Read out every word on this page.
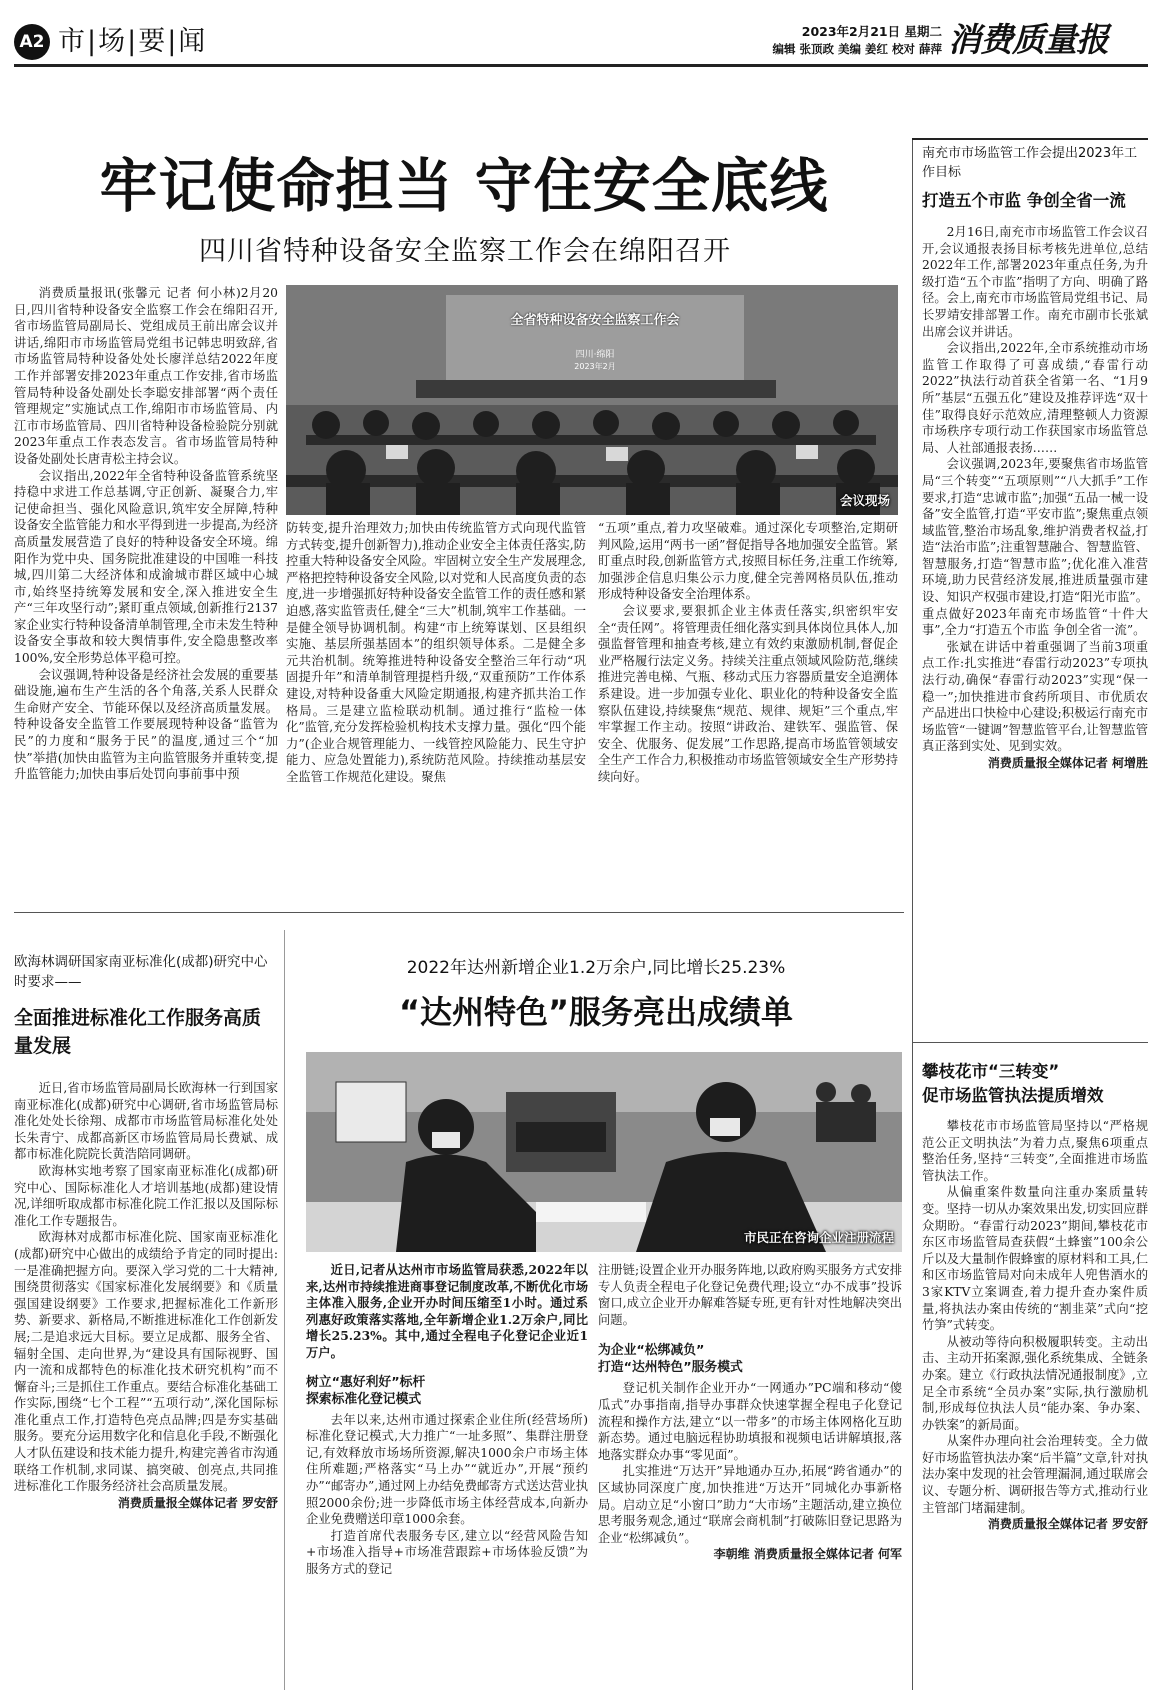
A2 市|场|要|闻	2023年2月21日 星期二
编辑 张顶政 美编 姜红 校对 薛萍 消费质量报
牢记使命担当 守住安全底线
四川省特种设备安全监察工作会在绵阳召开

消费质量报讯(张馨元 记者 何小林)2月20日,四川省特种设备安全监察工作会在绵阳召开,省市场监管局副局长、党组成员王前出席会议并讲话,绵阳市市场监管局党组书记韩忠明致辞,省市场监管局特种设备处处长廖洋总结2022年度工作并部署安排2023年重点工作安排,省市场监管局特种设备处副处长李聪安排部署“两个责任管理规定”实施试点工作,绵阳市市场监管局、内江市市场监管局、四川省特种设备检验院分别就2023年重点工作表态发言。省市场监管局特种设备处副处长唐青松主持会议。

会议指出,2022年全省特种设备监管系统坚持稳中求进工作总基调,守正创新、凝聚合力,牢记使命担当、强化风险意识,筑牢安全屏障,特种设备安全监管能力和水平得到进一步提高,为经济高质量发展营造了良好的特种设备安全环境。绵阳作为党中央、国务院批准建设的中国唯一科技城,四川第二大经济体和成渝城市群区域中心城市,始终坚持统筹发展和安全,深入推进安全生产“三年攻坚行动”;紧盯重点领域,创新推行2137家企业实行特种设备清单制管理,全市未发生特种设备安全事故和较大舆情事件,安全隐患整改率100%,安全形势总体平稳可控。

会议强调,特种设备是经济社会发展的重要基础设施,遍布生产生活的各个角落,关系人民群众生命财产安全、节能环保以及经济高质量发展。特种设备安全监管工作要展现特种设备“监管为民”的力度和“服务于民”的温度,通过三个“加快”举措(加快由监管为主向监管服务并重转变,提升监管能力;加快由事后处罚向事前事中预

全省特种设备安全监察工作会
四川·绵阳
2023年2月
会议现场

防转变,提升治理效力;加快由传统监管方式向现代监管方式转变,提升创新智力),推动企业安全主体责任落实,防控重大特种设备安全风险。牢固树立安全生产发展理念,严格把控特种设备安全风险,以对党和人民高度负责的态度,进一步增强抓好特种设备安全监管工作的责任感和紧迫感,落实监管责任,健全“三大”机制,筑牢工作基础。一是健全领导协调机制。构建“市上统筹谋划、区县组织实施、基层所强基固本”的组织领导体系。二是健全多元共治机制。统筹推进特种设备安全整治三年行动“巩固提升年”和清单制管理提档升级,“双重预防”工作体系建设,对特种设备重大风险定期通报,构建齐抓共治工作格局。三是建立监检联动机制。通过推行“监检一体化”监管,充分发挥检验机构技术支撑力量。强化“四个能力”(企业合规管理能力、一线管控风险能力、民生守护能力、应急处置能力),系统防范风险。持续推动基层安全监管工作规范化建设。聚焦

“五项”重点,着力攻坚破难。通过深化专项整治,定期研判风险,运用“两书一函”督促指导各地加强安全监管。紧盯重点时段,创新监管方式,按照目标任务,注重工作统筹,加强涉企信息归集公示力度,健全完善网格员队伍,推动形成特种设备安全治理体系。

会议要求,要狠抓企业主体责任落实,织密织牢安全“责任网”。将管理责任细化落实到具体岗位具体人,加强监督管理和抽查考核,建立有效约束激励机制,督促企业严格履行法定义务。持续关注重点领域风险防范,继续推进完善电梯、气瓶、移动式压力容器质量安全追溯体系建设。进一步加强专业化、职业化的特种设备安全监察队伍建设,持续聚焦“规范、规律、规矩”三个重点,牢牢掌握工作主动。按照“讲政治、建铁军、强监管、保安全、优服务、促发展”工作思路,提高市场监管领域安全生产工作合力,积极推动市场监管领域安全生产形势持续向好。

南充市市场监管工作会提出2023年工作目标
打造五个市监 争创全省一流

2月16日,南充市市场监管工作会议召开,会议通报表扬目标考核先进单位,总结2022年工作,部署2023年重点任务,为升级打造“五个市监”指明了方向、明确了路径。会上,南充市市场监管局党组书记、局长罗靖安排部署工作。南充市副市长张斌出席会议并讲话。

会议指出,2022年,全市系统推动市场监管工作取得了可喜成绩,“春雷行动2022”执法行动首获全省第一名、“1月9所”基层“五强五化”建设及推荐评选“双十佳”取得良好示范效应,清理整顿人力资源市场秩序专项行动工作获国家市场监管总局、人社部通报表扬……

会议强调,2023年,要聚焦省市场监管局“三个转变”“五项原则”“八大抓手”工作要求,打造“忠诚市监”;加强“五品一械一设备”安全监管,打造“平安市监”;聚焦重点领域监管,整治市场乱象,维护消费者权益,打造“法治市监”;注重智慧融合、智慧监管、智慧服务,打造“智慧市监”;优化准入准营环境,助力民营经济发展,推进质量强市建设、知识产权强市建设,打造“阳光市监”。重点做好2023年南充市场监管“十件大事”,全力“打造五个市监 争创全省一流”。

张斌在讲话中着重强调了当前3项重点工作:扎实推进“春雷行动2023”专项执法行动,确保“春雷行动2023”实现“保一稳一”;加快推进市食药所项目、市优质农产品进出口快检中心建设;积极运行南充市场监管“一键调”智慧监管平台,让智慧监管真正落到实处、见到实效。

消费质量报全媒体记者 柯增胜

欧海林调研国家南亚标准化(成都)研究中心时要求——
全面推进标准化工作服务高质量发展

近日,省市场监管局副局长欧海林一行到国家南亚标准化(成都)研究中心调研,省市场监管局标准化处处长徐翔、成都市市场监管局标准化处处长朱青宁、成都高新区市场监管局局长费斌、成都市标准化院院长黄浩陪同调研。

欧海林实地考察了国家南亚标准化(成都)研究中心、国际标准化人才培训基地(成都)建设情况,详细听取成都市标准化院工作汇报以及国际标准化工作专题报告。

欧海林对成都市标准化院、国家南亚标准化(成都)研究中心做出的成绩给予肯定的同时提出:一是准确把握方向。要深入学习党的二十大精神,围绕贯彻落实《国家标准化发展纲要》和《质量强国建设纲要》工作要求,把握标准化工作新形势、新要求、新格局,不断推进标准化工作创新发展;二是追求远大目标。要立足成都、服务全省、辐射全国、走向世界,为“建设具有国际视野、国内一流和成都特色的标准化技术研究机构”而不懈奋斗;三是抓住工作重点。要结合标准化基础工作实际,围绕“七个工程”“五项行动”,深化国际标准化重点工作,打造特色亮点品牌;四是夯实基础服务。要充分运用数字化和信息化手段,不断强化人才队伍建设和技术能力提升,构建完善省市沟通联络工作机制,求同谋、搞突破、创亮点,共同推进标准化工作服务经济社会高质量发展。

消费质量报全媒体记者 罗安舒

2022年达州新增企业1.2万余户,同比增长25.23%
“达州特色”服务亮出成绩单
市民正在咨询企业注册流程

近日,记者从达州市市场监管局获悉,2022年以来,达州市持续推进商事登记制度改革,不断优化市场主体准入服务,企业开办时间压缩至1小时。通过系列惠好政策落实落地,全年新增企业1.2万余户,同比增长25.23%。其中,通过全程电子化登记企业近1万户。

树立“惠好利好”标杆
探索标准化登记模式

去年以来,达州市通过探索企业住所(经营场所)标准化登记模式,大力推广“一址多照”、集群注册登记,有效释放市场场所资源,解决1000余户市场主体住所难题;严格落实“马上办”“就近办”,开展“预约办”“邮寄办”,通过网上办结免费邮寄方式送达营业执照2000余份;进一步降低市场主体经营成本,向新办企业免费赠送印章1000余套。

打造首席代表服务专区,建立以“经营风险告知+市场准入指导+市场准营跟踪+市场体验反馈”为服务方式的登记

注册链;设置企业开办服务阵地,以政府购买服务方式安排专人负责全程电子化登记免费代理;设立“办不成事”投诉窗口,成立企业开办解难答疑专班,更有针对性地解决突出问题。

为企业“松绑减负”
打造“达州特色”服务模式

登记机关制作企业开办“一网通办”PC端和移动“傻瓜式”办事指南,指导办事群众快速掌握全程电子化登记流程和操作方法,建立“以一带多”的市场主体网格化互助新态势。通过电脑远程协助填报和视频电话讲解填报,落地落实群众办事“零见面”。

扎实推进“万达开”异地通办互办,拓展“跨省通办”的区域协同深度广度,加快推进“万达开”同城化办事新格局。启动立足“小窗口”助力“大市场”主题活动,建立换位思考服务观念,通过“联席会商机制”打破陈旧登记思路为企业“松绑减负”。

李朝维 消费质量报全媒体记者 何军

攀枝花市“三转变”
促市场监管执法提质增效

攀枝花市市场监管局坚持以“严格规范公正文明执法”为着力点,聚焦6项重点整治任务,坚持“三转变”,全面推进市场监管执法工作。

从偏重案件数量向注重办案质量转变。坚持一切从办案效果出发,切实回应群众期盼。“春雷行动2023”期间,攀枝花市东区市场监管局查获假“土蜂蜜”100余公斤以及大量制作假蜂蜜的原材料和工具,仁和区市场监管局对向未成年人兜售酒水的3家KTV立案调查,着力提升查办案件质量,将执法办案由传统的“割韭菜”式向“挖竹笋”式转变。

从被动等待向积极履职转变。主动出击、主动开拓案源,强化系统集成、全链条办案。建立《行政执法情况通报制度》,立足全市系统“全员办案”实际,执行激励机制,形成每位执法人员“能办案、争办案、办铁案”的新局面。

从案件办理向社会治理转变。全力做好市场监管执法办案“后半篇”文章,针对执法办案中发现的社会管理漏洞,通过联席会议、专题分析、调研报告等方式,推动行业主管部门堵漏建制。

消费质量报全媒体记者 罗安舒
